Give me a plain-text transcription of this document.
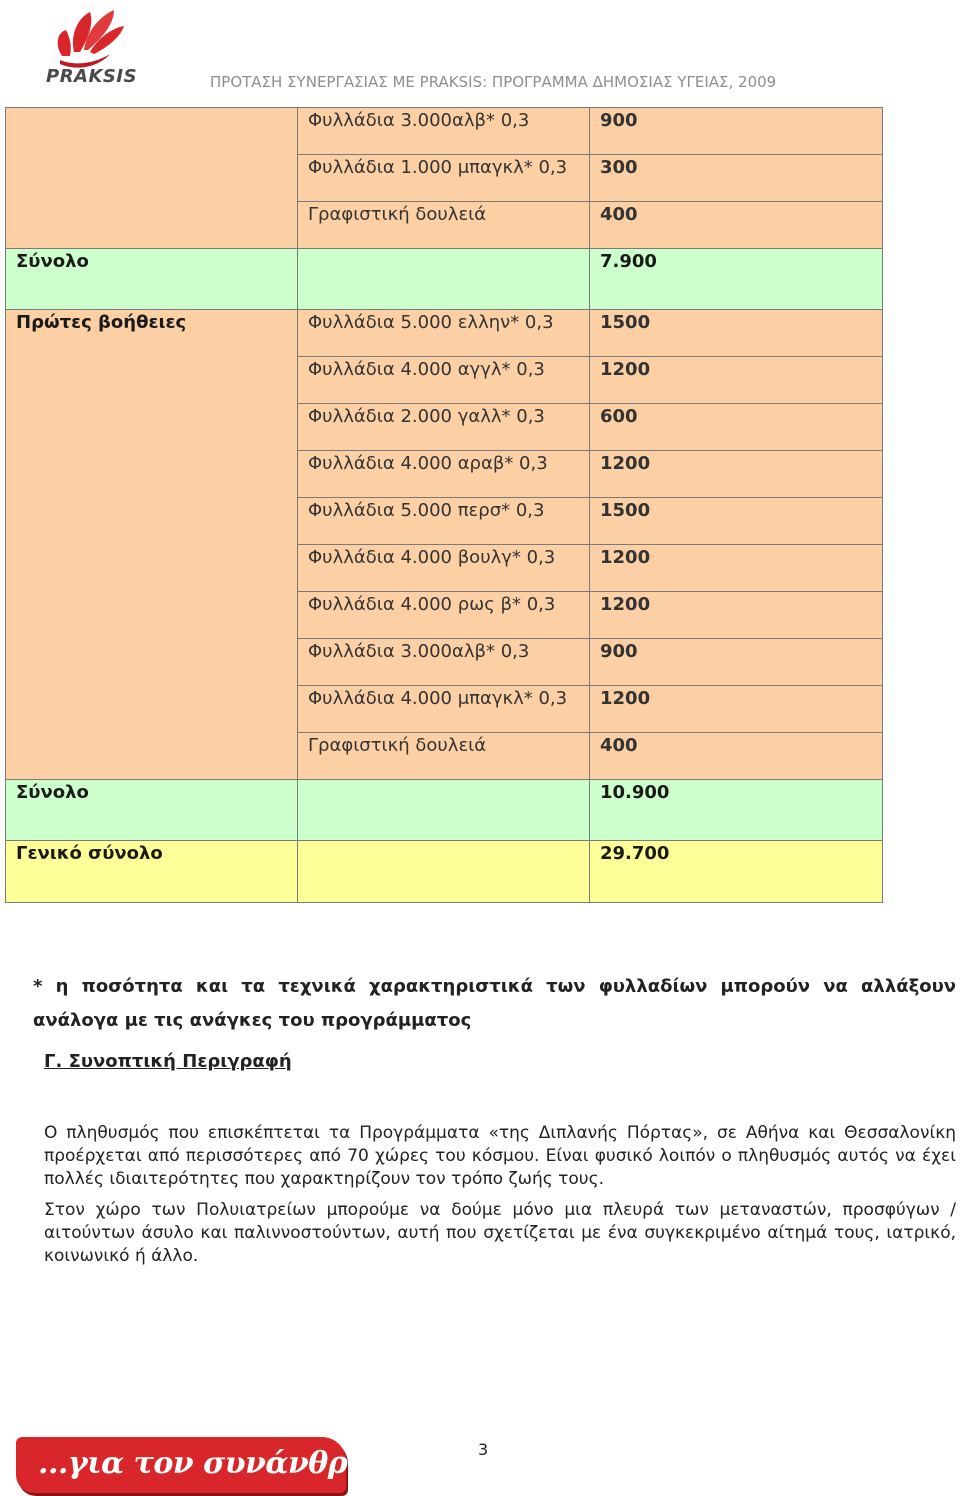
PRAKSIS	ΠΡΟΤΑΣΗ ΣΥΝΕΡΓΑΣΙΑΣ ΜΕ PRAKSIS: ΠΡΟΓΡΑΜΜΑ ΔΗΜΟΣΙΑΣ ΥΓΕΙΑΣ, 2009
	Φυλλάδια 3.000αλβ* 0,3	900
	Φυλλάδια 1.000 μπαγκλ* 0,3	300
	Γραφιστική δουλειά	400
Σύνολο		7.900
Πρώτες βοήθειες	Φυλλάδια 5.000 ελλην* 0,3	1500
	Φυλλάδια 4.000 αγγλ* 0,3	1200
	Φυλλάδια 2.000 γαλλ* 0,3	600
	Φυλλάδια 4.000 αραβ* 0,3	1200
	Φυλλάδια 5.000 περσ* 0,3	1500
	Φυλλάδια 4.000 βουλγ* 0,3	1200
	Φυλλάδια 4.000 ρως β* 0,3	1200
	Φυλλάδια 3.000αλβ* 0,3	900
	Φυλλάδια 4.000 μπαγκλ* 0,3	1200
	Γραφιστική δουλειά	400
Σύνολο		10.900
Γενικό σύνολο		29.700
* η ποσότητα και τα τεχνικά χαρακτηριστικά των φυλλαδίων μπορούν να αλλάξουν ανάλογα με τις ανάγκες του προγράμματος
Γ. Συνοπτική Περιγραφή
Ο πληθυσμός που επισκέπτεται τα Προγράμματα «της Διπλανής Πόρτας», σε Αθήνα και Θεσσαλονίκη προέρχεται από περισσότερες από 70 χώρες του κόσμου. Είναι φυσικό λοιπόν ο πληθυσμός αυτός να έχει πολλές ιδιαιτερότητες που χαρακτηρίζουν τον τρόπο ζωής τους.
Στον χώρο των Πολυιατρείων μπορούμε να δούμε μόνο μια πλευρά των μεταναστών, προσφύγων / αιτούντων άσυλο και παλιννοστούντων, αυτή που σχετίζεται με ένα συγκεκριμένο αίτημά τους, ιατρικό, κοινωνικό ή άλλο.
...για τον συνάνθρωπο!	3
